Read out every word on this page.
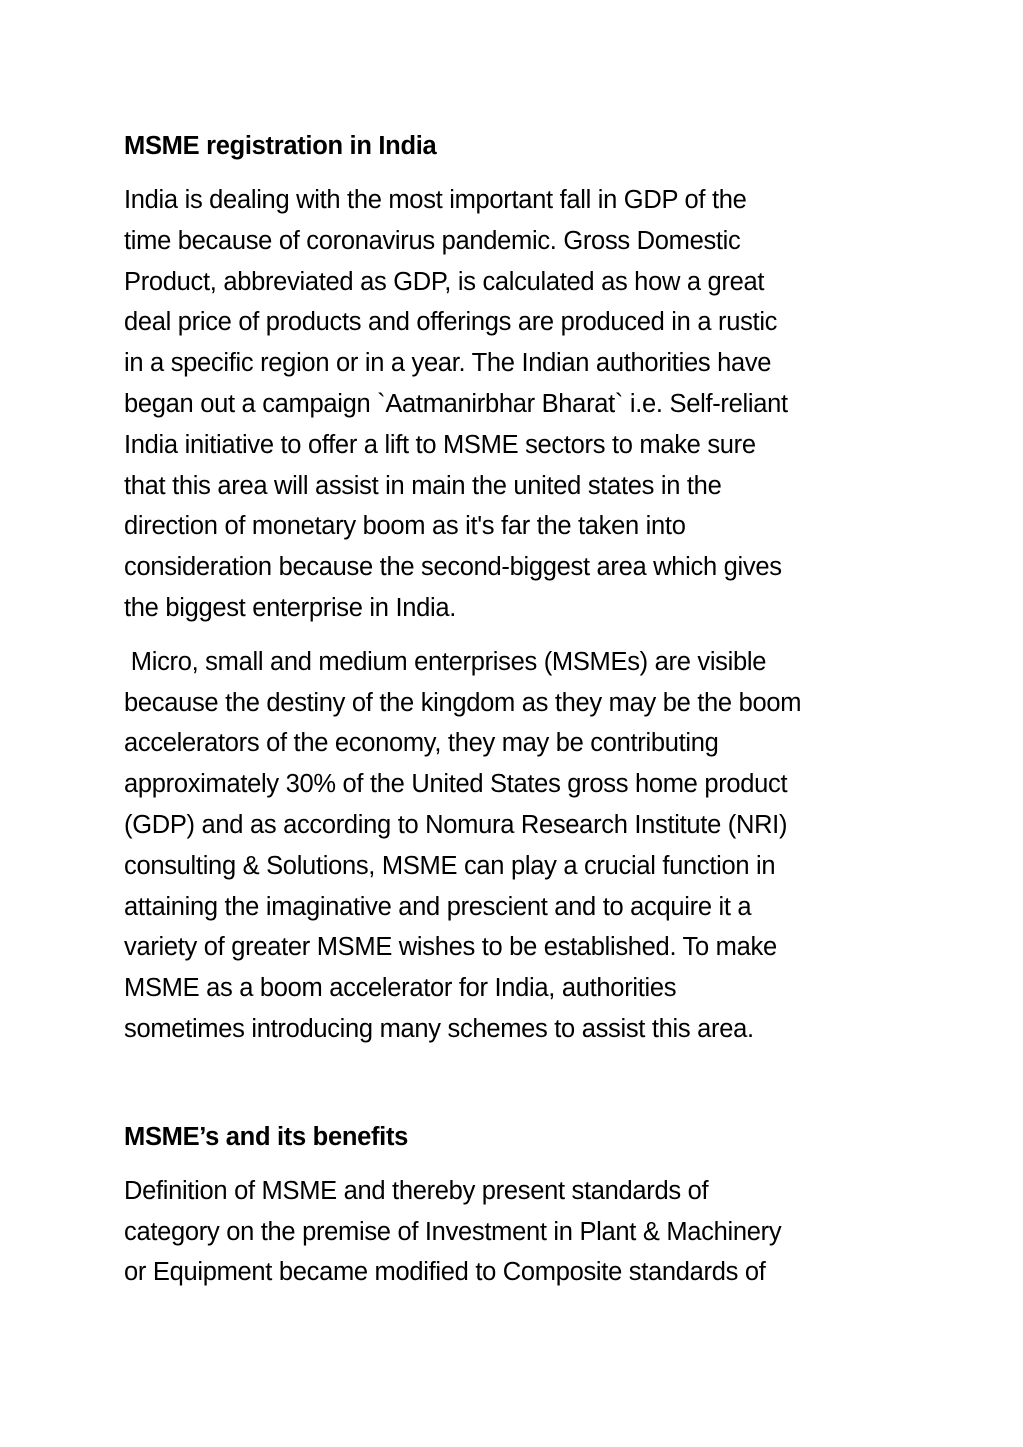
MSME registration in India
India is dealing with the most important fall in GDP of the
time because of coronavirus pandemic. Gross Domestic
Product, abbreviated as GDP, is calculated as how a great
deal price of products and offerings are produced in a rustic
in a specific region or in a year. The Indian authorities have
began out a campaign `Aatmanirbhar Bharat` i.e. Self-reliant
India initiative to offer a lift to MSME sectors to make sure
that this area will assist in main the united states in the
direction of monetary boom as it's far the taken into
consideration because the second-biggest area which gives
the biggest enterprise in India.
Micro, small and medium enterprises (MSMEs) are visible
because the destiny of the kingdom as they may be the boom
accelerators of the economy, they may be contributing
approximately 30% of the United States gross home product
(GDP) and as according to Nomura Research Institute (NRI)
consulting & Solutions, MSME can play a crucial function in
attaining the imaginative and prescient and to acquire it a
variety of greater MSME wishes to be established. To make
MSME as a boom accelerator for India, authorities
sometimes introducing many schemes to assist this area.
MSME’s and its benefits
Definition of MSME and thereby present standards of
category on the premise of Investment in Plant & Machinery
or Equipment became modified to Composite standards of
